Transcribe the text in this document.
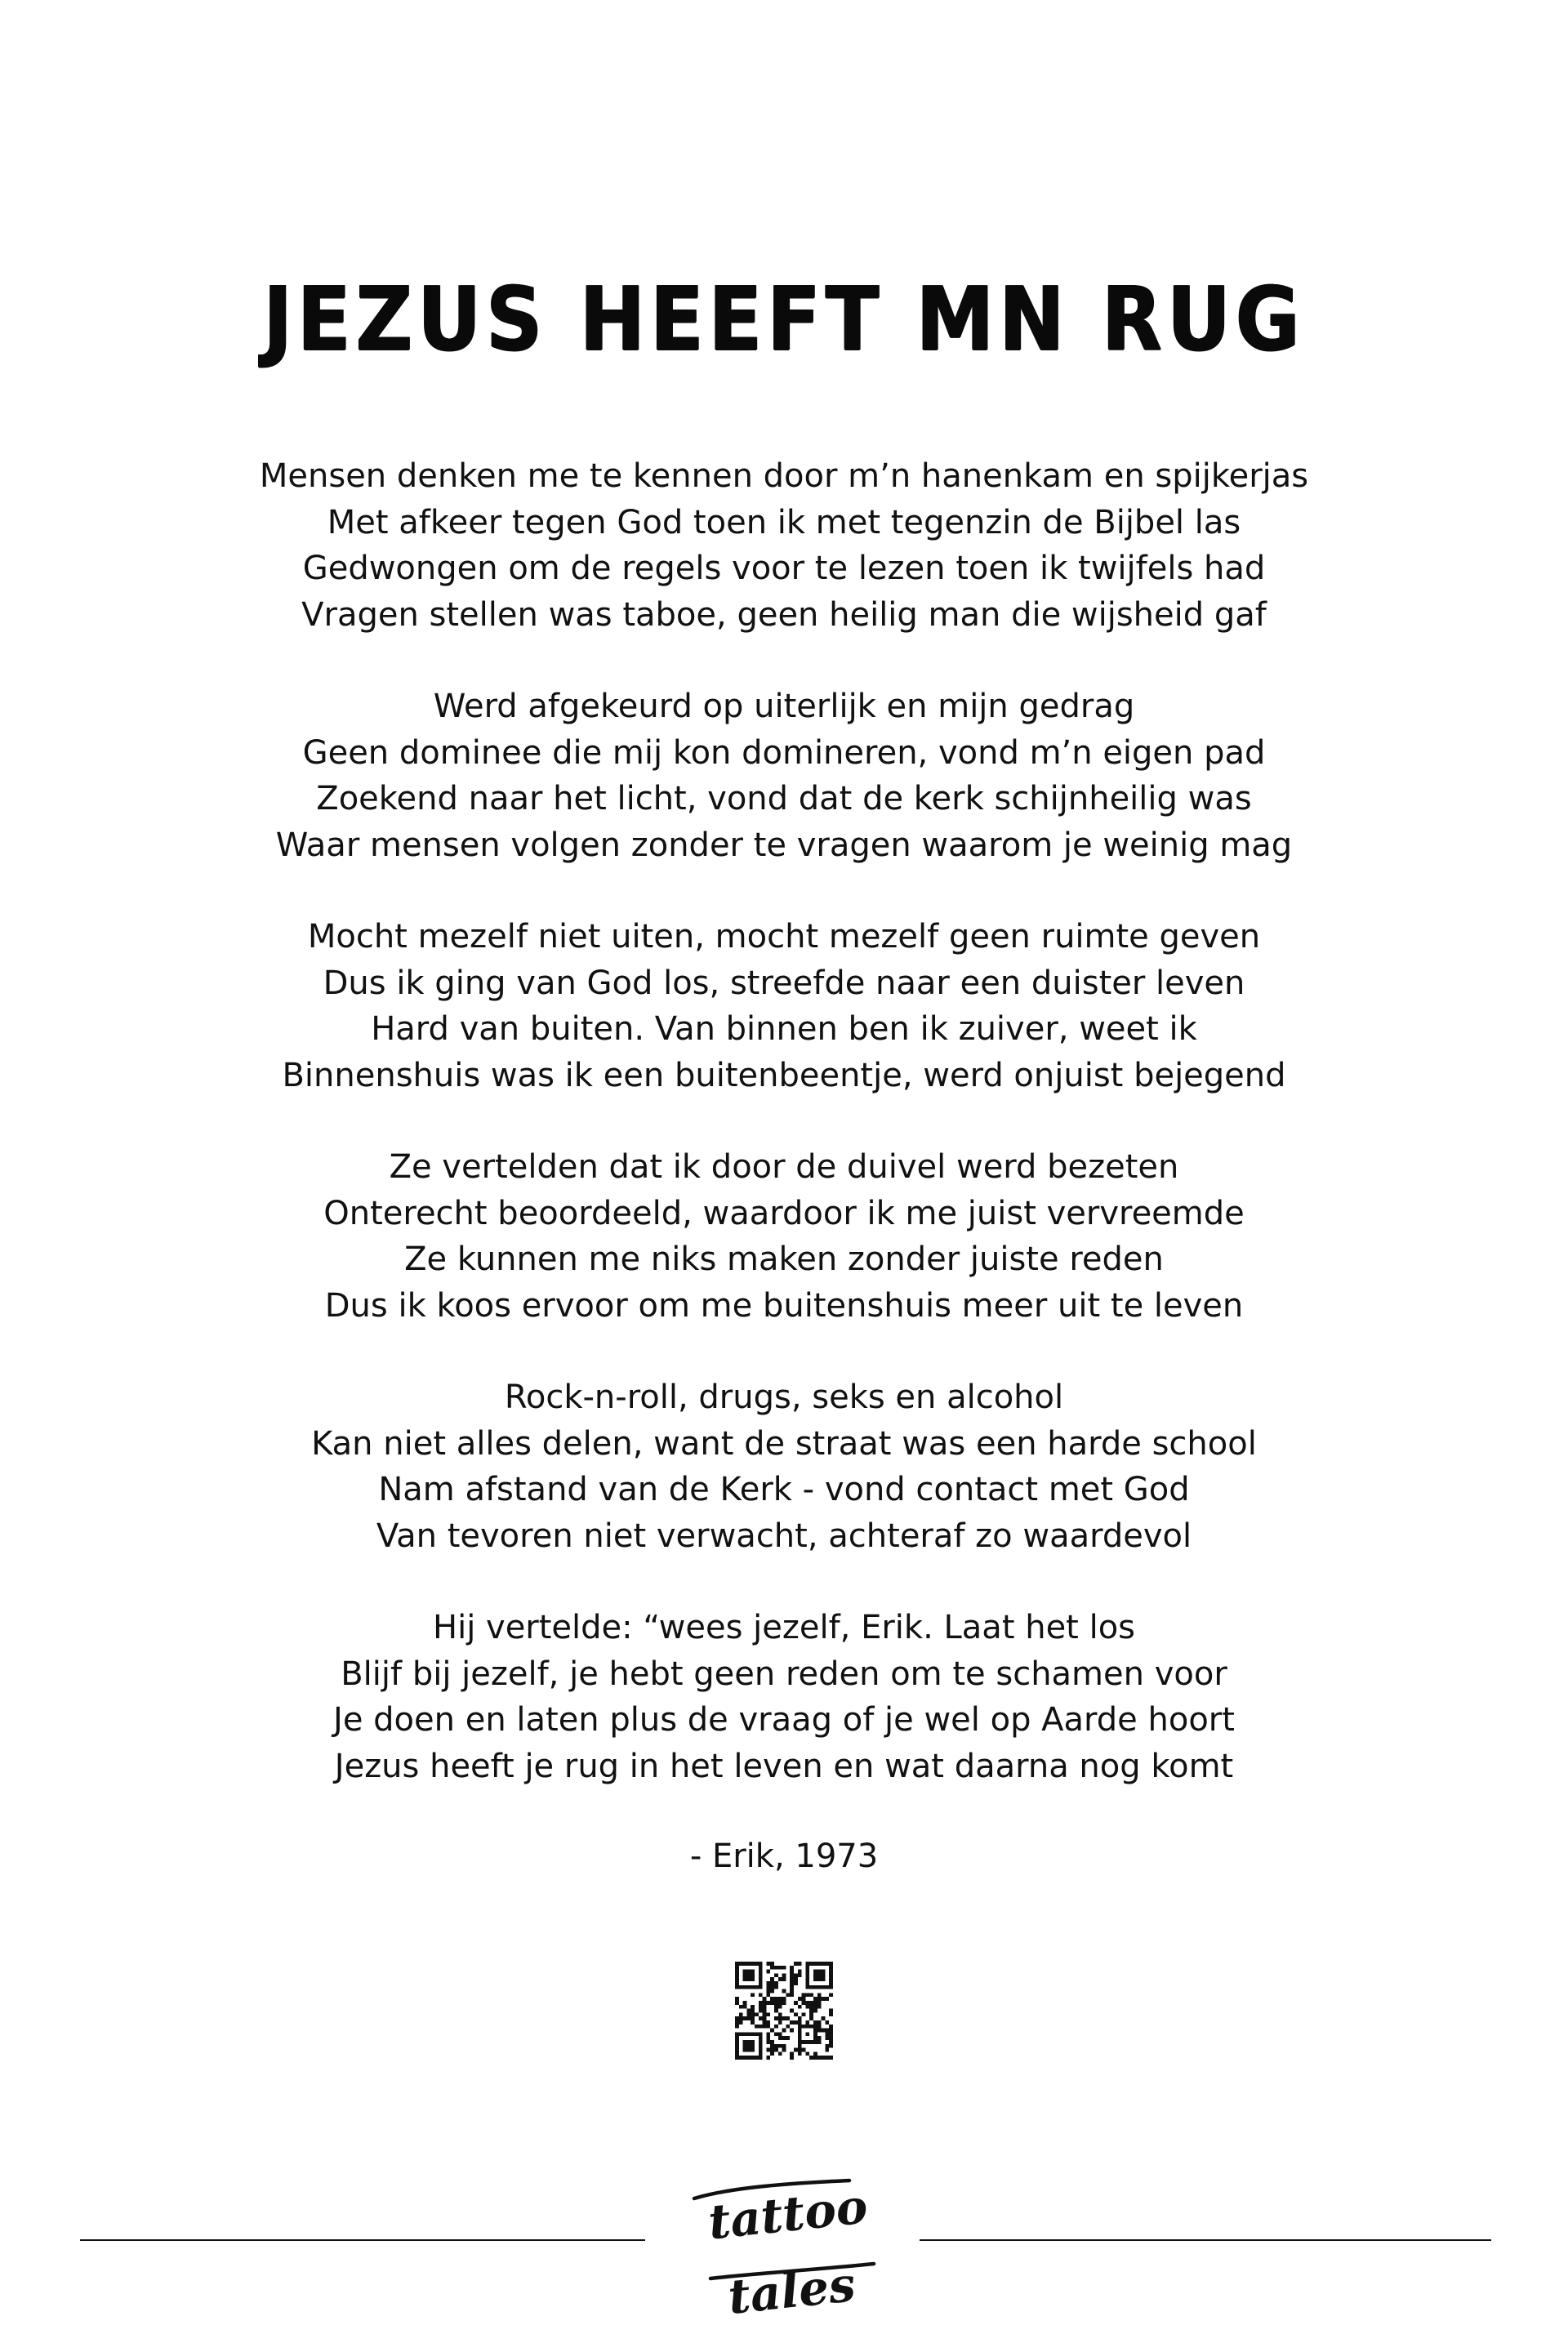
JEZUS HEEFT MN RUG
Mensen denken me te kennen door m’n hanenkam en spijkerjas
Met afkeer tegen God toen ik met tegenzin de Bijbel las
Gedwongen om de regels voor te lezen toen ik twijfels had
Vragen stellen was taboe, geen heilig man die wijsheid gaf
Werd afgekeurd op uiterlijk en mijn gedrag
Geen dominee die mij kon domineren, vond m’n eigen pad
Zoekend naar het licht, vond dat de kerk schijnheilig was
Waar mensen volgen zonder te vragen waarom je weinig mag
Mocht mezelf niet uiten, mocht mezelf geen ruimte geven
Dus ik ging van God los, streefde naar een duister leven
Hard van buiten. Van binnen ben ik zuiver, weet ik
Binnenshuis was ik een buitenbeentje, werd onjuist bejegend
Ze vertelden dat ik door de duivel werd bezeten
Onterecht beoordeeld, waardoor ik me juist vervreemde
Ze kunnen me niks maken zonder juiste reden
Dus ik koos ervoor om me buitenshuis meer uit te leven
Rock-n-roll, drugs, seks en alcohol
Kan niet alles delen, want de straat was een harde school
Nam afstand van de Kerk - vond contact met God
Van tevoren niet verwacht, achteraf zo waardevol
Hij vertelde: “wees jezelf, Erik. Laat het los
Blijf bij jezelf, je hebt geen reden om te schamen voor
Je doen en laten plus de vraag of je wel op Aarde hoort
Jezus heeft je rug in het leven en wat daarna nog komt
- Erik, 1973
tattoo
tales
